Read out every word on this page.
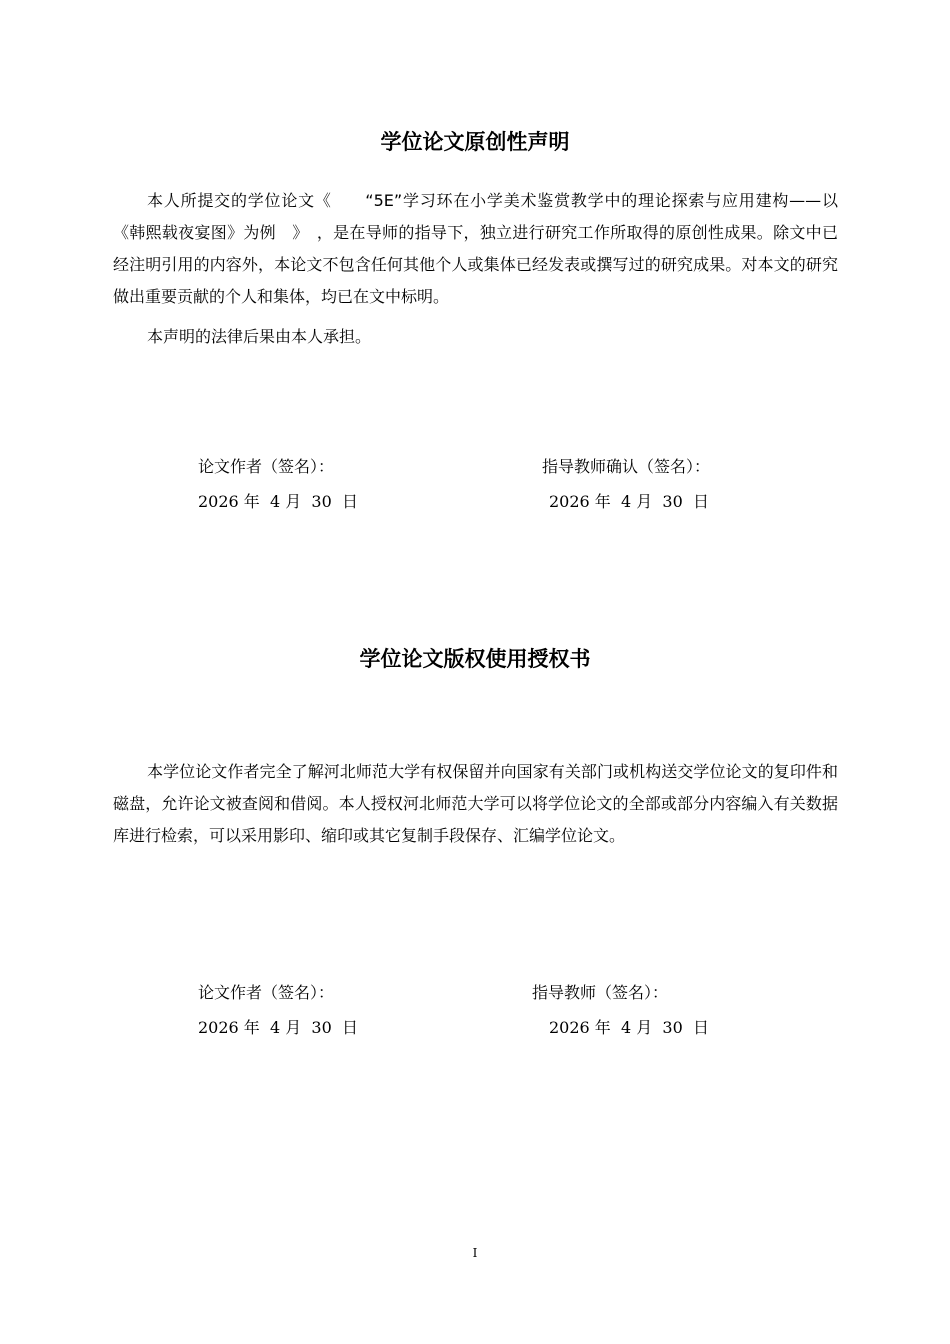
学位论文原创性声明

本人所提交的学位论文《　　“5E”学习环在小学美术鉴赏教学中的理论探索与应用建构——以《韩熙载夜宴图》为例　》　，是在导师的指导下，独立进行研究工作所取得的原创性成果。除文中已经注明引用的内容外，本论文不包含任何其他个人或集体已经发表或撰写过的研究成果。对本文的研究做出重要贡献的个人和集体，均已在文中标明。

本声明的法律后果由本人承担。

论文作者（签名）：
2026 年  4 月  30  日
指导教师确认（签名）：
2026 年  4 月  30  日
学位论文版权使用授权书

本学位论文作者完全了解河北师范大学有权保留并向国家有关部门或机构送交学位论文的复印件和磁盘，允许论文被查阅和借阅。本人授权河北师范大学可以将学位论文的全部或部分内容编入有关数据库进行检索，可以采用影印、缩印或其它复制手段保存、汇编学位论文。

论文作者（签名）：
2026 年  4 月  30  日
指导教师（签名）：
2026 年  4 月  30  日
I
